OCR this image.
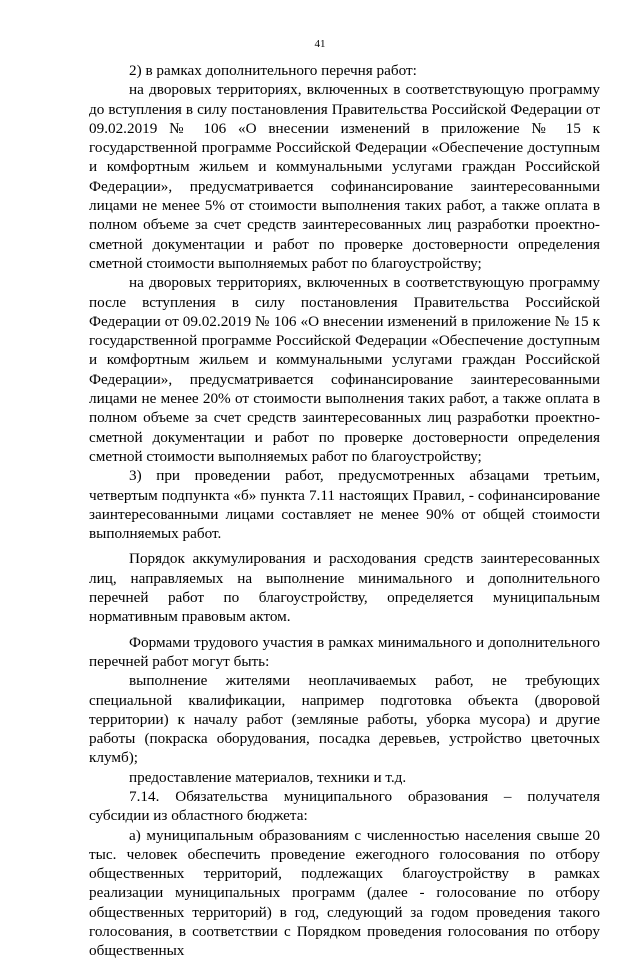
41

2) в рамках дополнительного перечня работ:

на дворовых территориях, включенных в соответствующую программу до вступления в силу постановления Правительства Российской Федерации от 09.02.2019 № 106 «О внесении изменений в приложение № 15 к государственной программе Российской Федерации «Обеспечение доступным и комфортным жильем и коммунальными услугами граждан Российской Федерации», предусматривается софинансирование заинтересованными лицами не менее 5% от стоимости выполнения таких работ, а также оплата в полном объеме за счет средств заинтересованных лиц разработки проектно-сметной документации и работ по проверке достоверности определения сметной стоимости выполняемых работ по благоустройству;

на дворовых территориях, включенных в соответствующую программу после вступления в силу постановления Правительства Российской Федерации от 09.02.2019 № 106 «О внесении изменений в приложение № 15 к государственной программе Российской Федерации «Обеспечение доступным и комфортным жильем и коммунальными услугами граждан Российской Федерации», предусматривается софинансирование заинтересованными лицами не менее 20% от стоимости выполнения таких работ, а также оплата в полном объеме за счет средств заинтересованных лиц разработки проектно-сметной документации и работ по проверке достоверности определения сметной стоимости выполняемых работ по благоустройству;

3) при проведении работ, предусмотренных абзацами третьим, четвертым подпункта «б» пункта 7.11 настоящих Правил, - софинансирование заинтересованными лицами составляет не менее 90% от общей стоимости выполняемых работ.

Порядок аккумулирования и расходования средств заинтересованных лиц, направляемых на выполнение минимального и дополнительного перечней работ по благоустройству, определяется муниципальным нормативным правовым актом.

Формами трудового участия в рамках минимального и дополнительного перечней работ могут быть:

выполнение жителями неоплачиваемых работ, не требующих специальной квалификации, например подготовка объекта (дворовой территории) к началу работ (земляные работы, уборка мусора) и другие работы (покраска оборудования, посадка деревьев, устройство цветочных клумб);

предоставление материалов, техники и т.д.

7.14. Обязательства муниципального образования – получателя субсидии из областного бюджета:

а) муниципальным образованиям с численностью населения свыше 20 тыс. человек обеспечить проведение ежегодного голосования по отбору общественных территорий, подлежащих благоустройству в рамках реализации муниципальных программ (далее - голосование по отбору общественных территорий) в год, следующий за годом проведения такого голосования, в соответствии с Порядком проведения голосования по отбору общественных
